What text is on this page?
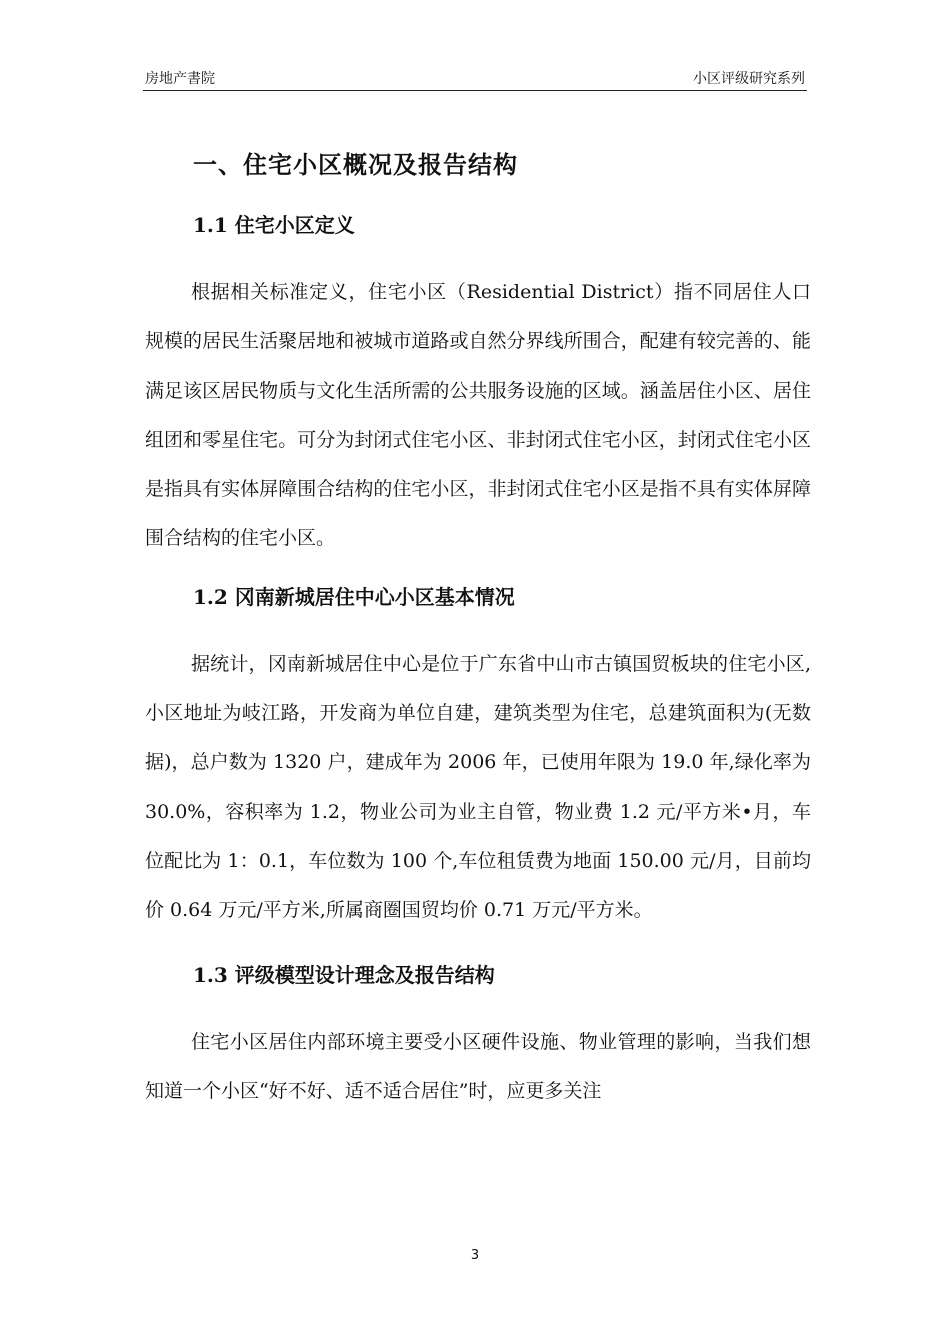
房地产書院	小区评级研究系列
一、住宅小区概况及报告结构
1.1 住宅小区定义

根据相关标准定义，住宅小区（Residential District）指不同居住人口规模的居民生活聚居地和被城市道路或自然分界线所围合，配建有较完善的、能满足该区居民物质与文化生活所需的公共服务设施的区域。涵盖居住小区、居住组团和零星住宅。可分为封闭式住宅小区、非封闭式住宅小区，封闭式住宅小区是指具有实体屏障围合结构的住宅小区，非封闭式住宅小区是指不具有实体屏障围合结构的住宅小区。

1.2 冈南新城居住中心小区基本情况

据统计，冈南新城居住中心是位于广东省中山市古镇国贸板块的住宅小区,小区地址为岐江路，开发商为单位自建，建筑类型为住宅，总建筑面积为(无数据)，总户数为 1320 户，建成年为 2006 年，已使用年限为 19.0 年,绿化率为 30.0%，容积率为 1.2，物业公司为业主自管，物业费 1.2 元/平方米•月，车位配比为 1：0.1，车位数为 100 个,车位租赁费为地面 150.00 元/月，目前均价 0.64 万元/平方米,所属商圈国贸均价 0.71 万元/平方米。

1.3 评级模型设计理念及报告结构

住宅小区居住内部环境主要受小区硬件设施、物业管理的影响，当我们想知道一个小区“好不好、适不适合居住”时，应更多关注

3
